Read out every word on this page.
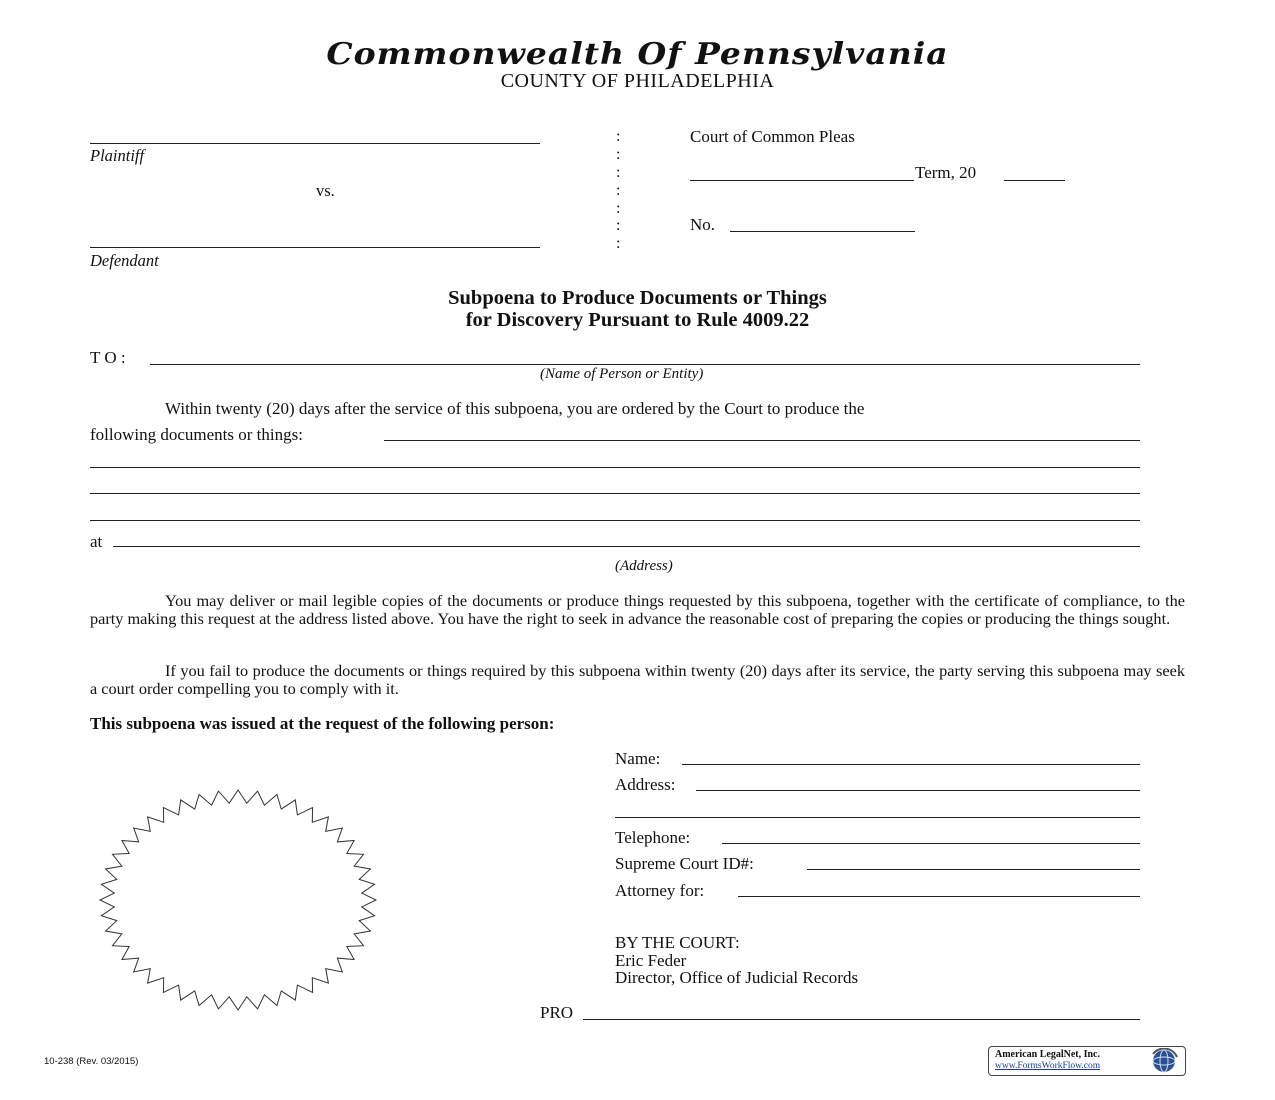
Commonwealth Of Pennsylvania
COUNTY OF PHILADELPHIA
Plaintiff
vs.
Defendant
:
:
:
:
:
:
:
Court of Common Pleas
Term, 20
No.
Subpoena to Produce Documents or Things
for Discovery Pursuant to Rule 4009.22
T O :
(Name of Person or Entity)
Within twenty (20) days after the service of this subpoena, you are ordered by the Court to produce the
following documents or things:
at
(Address)
You may deliver or mail legible copies of the documents or produce things requested by this subpoena, together with the certificate of compliance, to the party making this request at the address listed above. You have the right to seek in advance the reasonable cost of preparing the copies or producing the things sought.
If you fail to produce the documents or things required by this subpoena within twenty (20) days after its service, the party serving this subpoena may seek a court order compelling you to comply with it.
This subpoena was issued at the request of the following person:
Name:
Address:
Telephone:
Supreme Court ID#:
Attorney for:
BY THE COURT:
Eric Feder
Director, Office of Judicial Records
PRO
10-238 (Rev. 03/2015)
American LegalNet, Inc.
www.FormsWorkFlow.com
